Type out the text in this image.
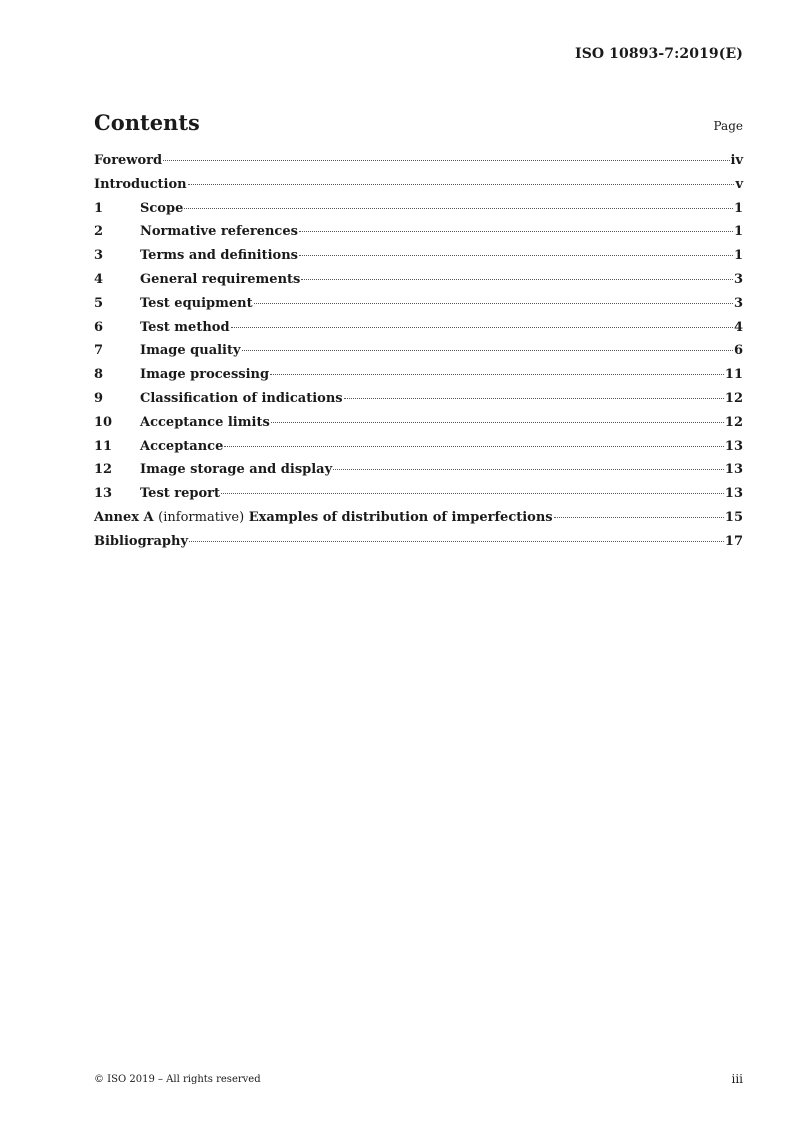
ISO 10893-7:2019(E)
Contents	Page
Foreword	iv
Introduction	v
1	Scope	1
2	Normative references	1
3	Terms and definitions	1
4	General requirements	3
5	Test equipment	3
6	Test method	4
7	Image quality	6
8	Image processing	11
9	Classification of indications	12
10	Acceptance limits	12
11	Acceptance	13
12	Image storage and display	13
13	Test report	13
Annex A (informative) Examples of distribution of imperfections	15
Bibliography	17
© ISO 2019 – All rights reserved	iii
